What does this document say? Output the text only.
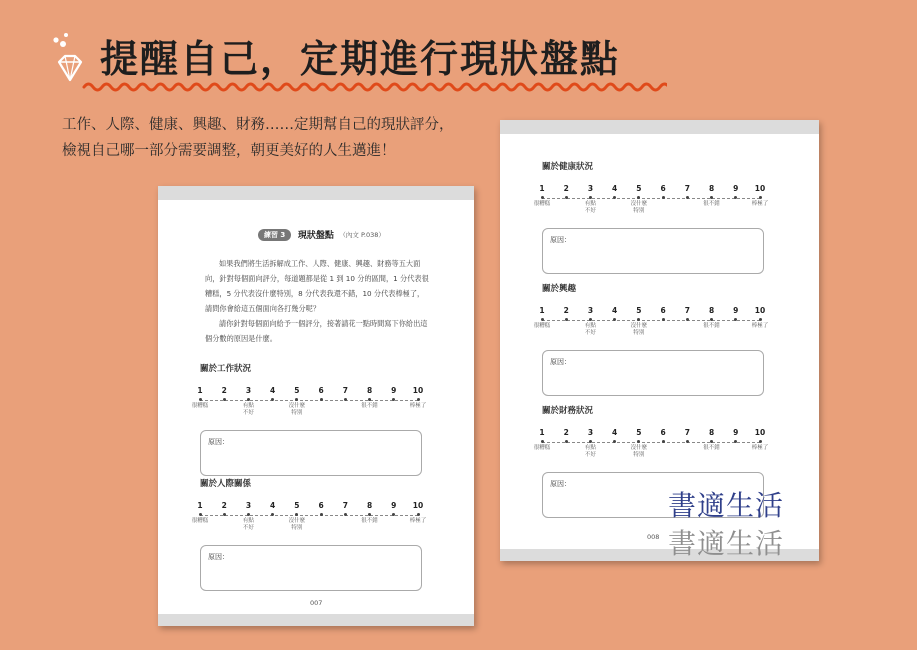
提醒自己，定期進行現狀盤點
工作、人際、健康、興趣、財務……定期幫自己的現狀評分，
檢視自己哪一部分需要調整，朝更美好的人生邁進！
練習 3 現狀盤點 （內文 P.038）

如果我們將生活拆解成工作、人際、健康、興趣、財務等五大面向，針對每個面向評分，每道題都是從 1 到 10 分的區間，1 分代表很糟糕，5 分代表沒什麼特別，8 分代表我還不錯，10 分代表棒極了，請問你會給這五個面向各打幾分呢？

請你針對每個面向給予一個評分，接著請花一點時間寫下你給出這個分數的原因是什麼。

關於工作狀況
1	2	3	4	5	6	7	8	9	10
很糟糕	有點
不好
沒什麼
特別
很不錯	棒極了
原因：
關於人際關係
1	2	3	4	5	6	7	8	9	10
很糟糕	有點
不好
沒什麼
特別
很不錯	棒極了
原因：
007
關於健康狀況
1	2	3	4	5	6	7	8	9	10
很糟糕	有點
不好
沒什麼
特別
很不錯	棒極了
原因：
關於興趣
1	2	3	4	5	6	7	8	9	10
很糟糕	有點
不好
沒什麼
特別
很不錯	棒極了
原因：
關於財務狀況
1	2	3	4	5	6	7	8	9	10
很糟糕	有點
不好
沒什麼
特別
很不錯	棒極了
原因：
008
書適生活
書適生活
